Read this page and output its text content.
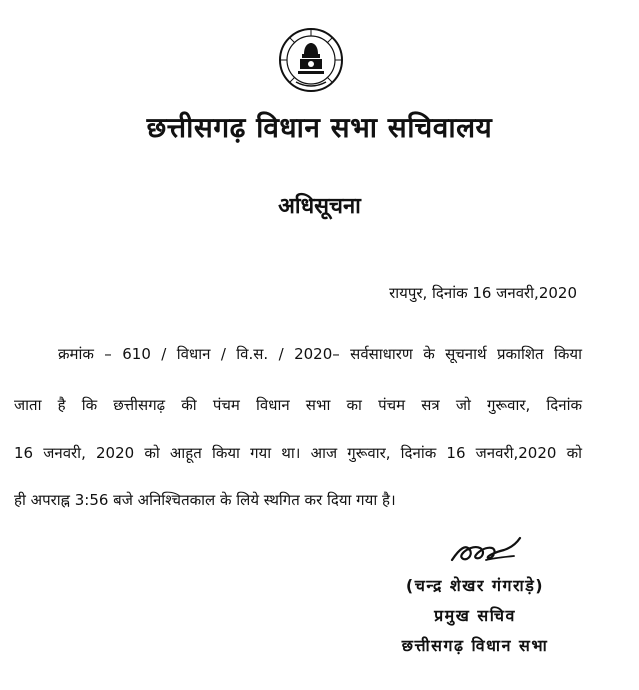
छत्तीसगढ़ विधान सभा सचिवालय
अधिसूचना
रायपुर, दिनांक 16 जनवरी,2020
क्रमांक – 610 / विधान / वि.स. / 2020– सर्वसाधारण के सूचनार्थ प्रकाशित किया
जाता है कि छत्तीसगढ़ की पंचम विधान सभा का पंचम सत्र जो गुरूवार, दिनांक
16 जनवरी, 2020 को आहूत किया गया था। आज गुरूवार, दिनांक 16 जनवरी,2020 को
ही अपराह्न 3:56 बजे अनिश्चितकाल के लिये स्थगित कर दिया गया है।
(चन्द्र शेखर गंगराड़े)
प्रमुख सचिव
छत्तीसगढ़ विधान सभा
